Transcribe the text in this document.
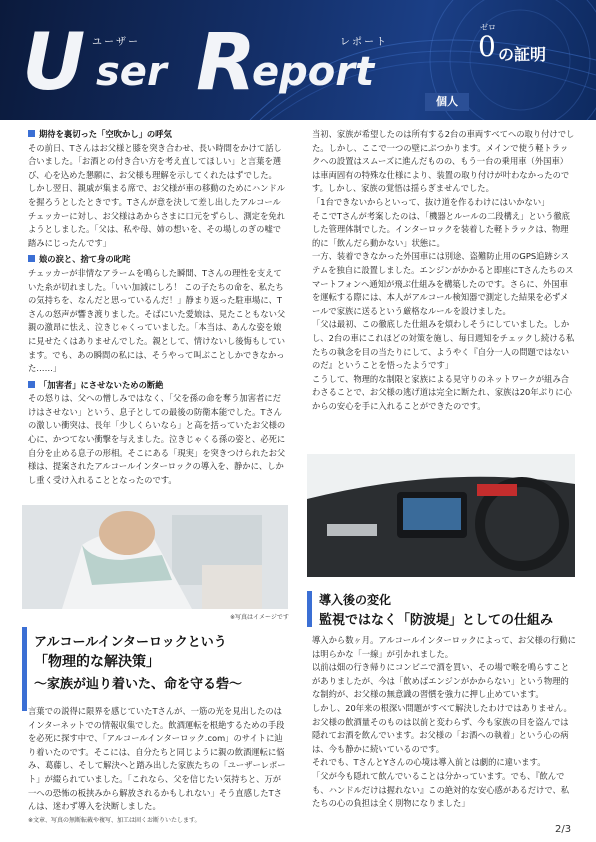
ユーザー	レポート
U ser R
eport
個人
ゼロ
0 の証明

期待を裏切った「空吹かし」の呼気

その前日、Tさんはお父様と膝を突き合わせ、長い時間をかけて話し合いました。「お酒との付き合い方を考え直してほしい」と言葉を選び、心を込めた懇願に、お父様も理解を示してくれたはずでした。

しかし翌日、親戚が集まる席で、お父様が車の移動のためにハンドルを握ろうとしたときです。Tさんが意を決して差し出したアルコールチェッカーに対し、お父様はあからさまに口元をずらし、測定を免れようとしました。「父は、私や母、姉の想いを、その場しのぎの嘘で踏みにじったんです」

娘の涙と、捨て身の叱咤

チェッカーが非情なアラームを鳴らした瞬間、Tさんの理性を支えていた糸が切れました。「いい加減にしろ！ この子たちの命を、私たちの気持ちを、なんだと思っているんだ！」静まり返った駐車場に、Tさんの怒声が響き渡りました。そばにいた愛娘は、見たこともない父親の激昂に怯え、泣きじゃくっていました。「本当は、あんな姿を娘に見せたくはありませんでした。親として、情けないし後悔もしています。でも、あの瞬間の私には、そうやって叫ぶことしかできなかった……」

「加害者」にさせないための断絶

その怒りは、父への憎しみではなく、「父を孫の命を奪う加害者にだけはさせない」という、息子としての最後の防衛本能でした。Tさんの激しい衝突は、長年「少しくらいなら」と高を括っていたお父様の心に、かつてない衝撃を与えました。泣きじゃくる孫の姿と、必死に自分を止める息子の形相。そこにある「現実」を突きつけられたお父様は、提案されたアルコールインターロックの導入を、静かに、しかし重く受け入れることとなったのです。

※写真はイメージです
アルコールインターロックという
「物理的な解決策」
～家族が辿り着いた、命を守る砦～

言葉での説得に限界を感じていたTさんが、一筋の光を見出したのはインターネットでの情報収集でした。飲酒運転を根絶するための手段を必死に探す中で、「アルコールインターロック.com」のサイトに辿り着いたのです。そこには、自分たちと同じように親の飲酒運転に悩み、葛藤し、そして解決へと踏み出した家族たちの「ユーザーレポート」が綴られていました。「これなら、父を信じたい気持ちと、万が一への恐怖の板挟みから解放されるかもしれない」そう直感したTさんは、迷わず導入を決断しました。

※文章、写真の無断転載や複写、加工は固くお断りいたします。

当初、家族が希望したのは所有する2台の車両すべてへの取り付けでした。しかし、ここで一つの壁にぶつかります。メインで使う軽トラックへの設置はスムーズに進んだものの、もう一台の乗用車（外国車）は車両固有の特殊な仕様により、装置の取り付けが叶わなかったのです。しかし、家族の覚悟は揺らぎませんでした。

「1台できないからといって、抜け道を作るわけにはいかない」

そこでTさんが考案したのは、「機器とルールの二段構え」という徹底した管理体制でした。インターロックを装着した軽トラックは、物理的に「飲んだら動かない」状態に。

一方、装着できなかった外国車には別途、盗難防止用のGPS追跡システムを独自に設置しました。エンジンがかかると即座にTさんたちのスマートフォンへ通知が飛ぶ仕組みを構築したのです。さらに、外国車を運転する際には、本人がアルコール検知器で測定した結果を必ずメールで家族に送るという厳格なルールを設けました。

「父は最初、この徹底した仕組みを煩わしそうにしていました。しかし、2台の車にこれほどの対策を施し、毎日週知をチェックし続ける私たちの執念を目の当たりにして、ようやく『自分一人の問題ではないのだ』ということを悟ったようです」

こうして、物理的な制限と家族による見守りのネットワークが組み合わさることで、お父様の逃げ道は完全に断たれ、家族は20年ぶりに心からの安心を手に入れることができたのです。

導入後の変化
監視ではなく「防波堤」としての仕組み

導入から数ヶ月。アルコールインターロックによって、お父様の行動には明らかな「一線」が引かれました。

以前は畑の行き帰りにコンビニで酒を買い、その場で喉を鳴らすことがありましたが、今は「飲めばエンジンがかからない」という物理的な制約が、お父様の無意識の習慣を強力に押し止めています。

しかし、20年来の根深い問題がすべて解決したわけではありません。お父様の飲酒量そのものは以前と変わらず、今も家族の目を盗んでは隠れてお酒を飲んでいます。お父様の「お酒への執着」という心の病は、今も静かに続いているのです。

それでも、TさんとYさんの心境は導入前とは劇的に違います。

「父が今も隠れて飲んでいることは分かっています。でも、『飲んでも、ハンドルだけは握れない』この絶対的な安心感があるだけで、私たちの心の負担は全く別物になりました」

2/3
